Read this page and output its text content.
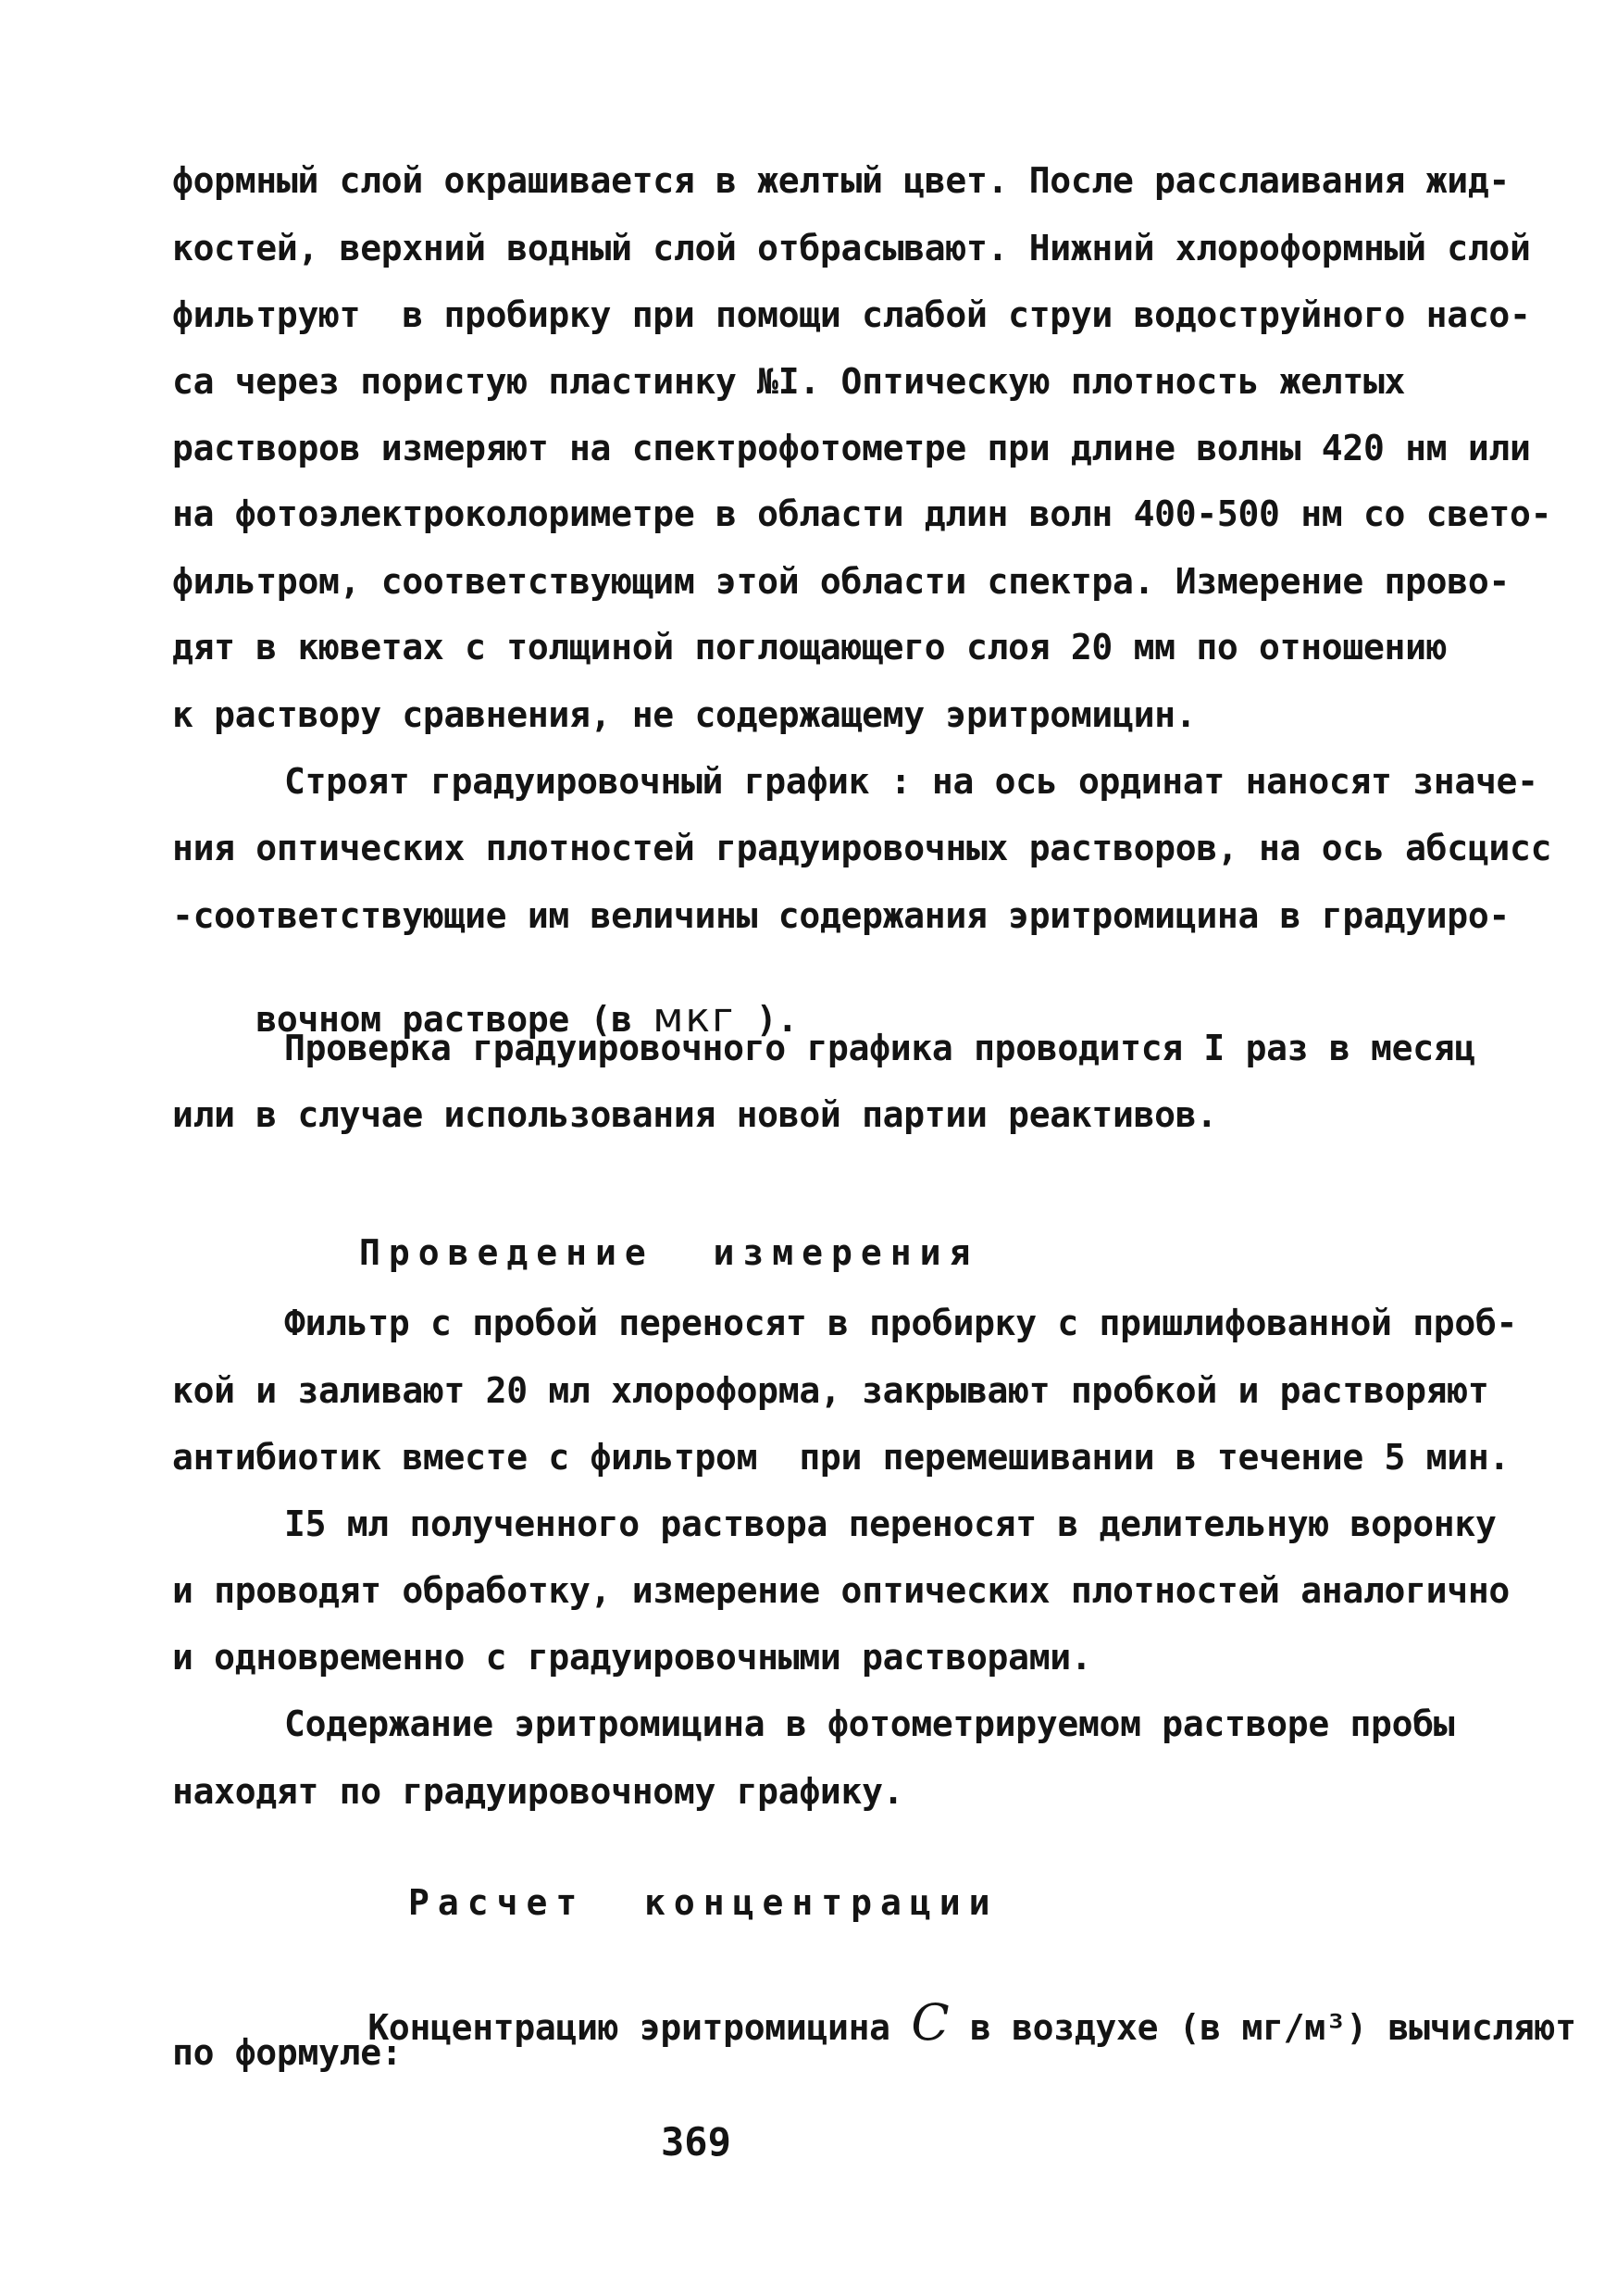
формный слой окрашивается в желтый цвет. После расслаивания жид-
костей, верхний водный слой отбрасывают. Нижний хлороформный слой
фильтруют  в пробирку при помощи слабой струи водоструйного насо-
са через пористую пластинку №I. Оптическую плотность желтых
растворов измеряют на спектрофотометре при длине волны 420 нм или
на фотоэлектроколориметре в области длин волн 400-500 нм со свето-
фильтром, соответствующим этой области спектра. Измерение прово-
дят в кюветах с толщиной поглощающего слоя 20 мм по отношению
к раствору сравнения, не содержащему эритромицин.
Строят градуировочный график : на ось ординат наносят значе-
ния оптических плотностей градуировочных растворов, на ось абсцисс
-соответствующие им величины содержания эритромицина в градуиро-

вочном растворе (в мкг ).

Проверка градуировочного графика проводится I раз в месяц
или в случае использования новой партии реактивов.
Проведение  измерения
Фильтр с пробой переносят в пробирку с пришлифованной проб-
кой и заливают 20 мл хлороформа, закрывают пробкой и растворяют
антибиотик вместе с фильтром  при перемешивании в течение 5 мин.
I5 мл полученного раствора переносят в делительную воронку
и проводят обработку, измерение оптических плотностей аналогично
и одновременно с градуировочными растворами.
Содержание эритромицина в фотометрируемом растворе пробы
находят по градуировочному графику.
Расчет  концентрации

Концентрацию эритромицина C в воздухе (в мг/м³) вычисляют

по формуле:
369
